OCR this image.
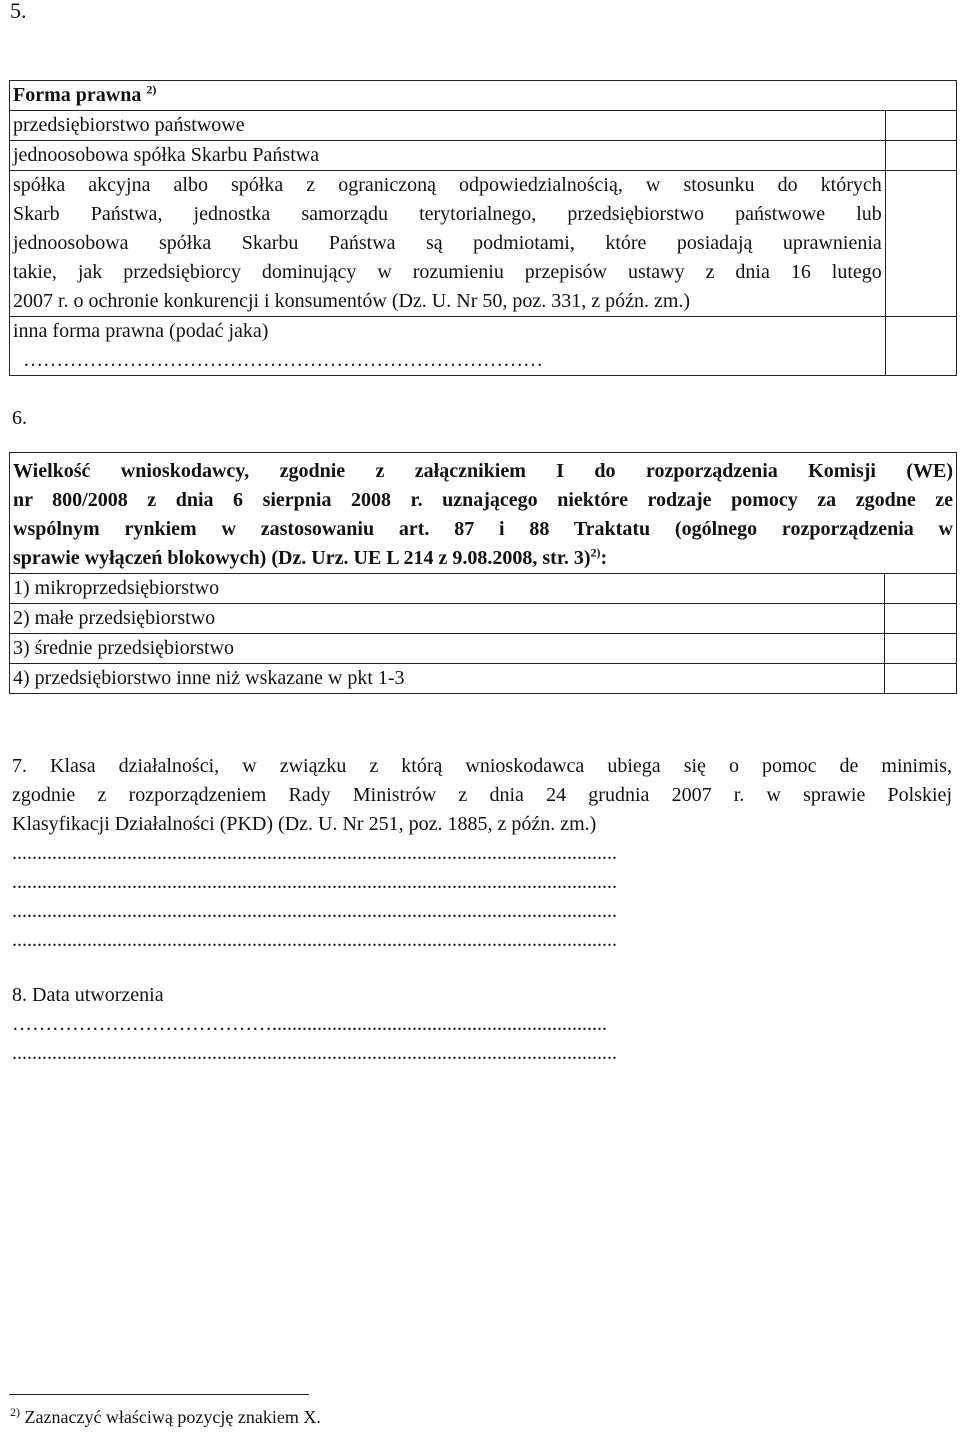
5.
Forma prawna $^{2)}$	
przedsiębiorstwo państwowe	
jednoosobowa spółka Skarbu Państwa	

spółka akcyjna albo spółka z ograniczoną odpowiedzialnością, w stosunku do których
Skarb Państwa, jednostka samorządu terytorialnego, przedsiębiorstwo państwowe lub
jednoosobowa spółka Skarbu Państwa są podmiotami, które posiadają uprawnienia
takie, jak przedsiębiorcy dominujący w rozumieniu przepisów ustawy z dnia 16 lutego
2007 r. o ochronie konkurencji i konsumentów (Dz. U. Nr 50, poz. 331, z późn. zm.)	

inna forma prawna (podać jaka)
……………………………………………………………………	

6.
Wielkość wnioskodawcy, zgodnie z załącznikiem I do rozporządzenia Komisji (WE)
nr 800/2008 z dnia 6 sierpnia 2008 r. uznającego niektóre rodzaje pomocy za zgodne ze
wspólnym rynkiem w zastosowaniu art. 87 i 88 Traktatu (ogólnego rozporządzenia w
sprawie wyłączeń blokowych) (Dz. Urz. UE L 214 z 9.08.2008, str. 3)$^{2)}$:	

1) mikroprzedsiębiorstwo	
2) małe przedsiębiorstwo	
3) średnie przedsiębiorstwo	
4) przedsiębiorstwo inne niż wskazane w pkt 1-3	
7. Klasa działalności, w związku z którą wnioskodawca ubiega się o pomoc de minimis,
zgodnie z rozporządzeniem Rady Ministrów z dnia 24 grudnia 2007 r. w sprawie Polskiej
Klasyfikacji Działalności (PKD) (Dz. U. Nr 251, poz. 1885, z późn. zm.)
.........................................................................................................................
.........................................................................................................................
.........................................................................................................................
.........................................................................................................................
8. Data utworzenia
…………………………………...................................................................
.........................................................................................................................
$^{2)}$ Zaznaczyć właściwą pozycję znakiem X.
